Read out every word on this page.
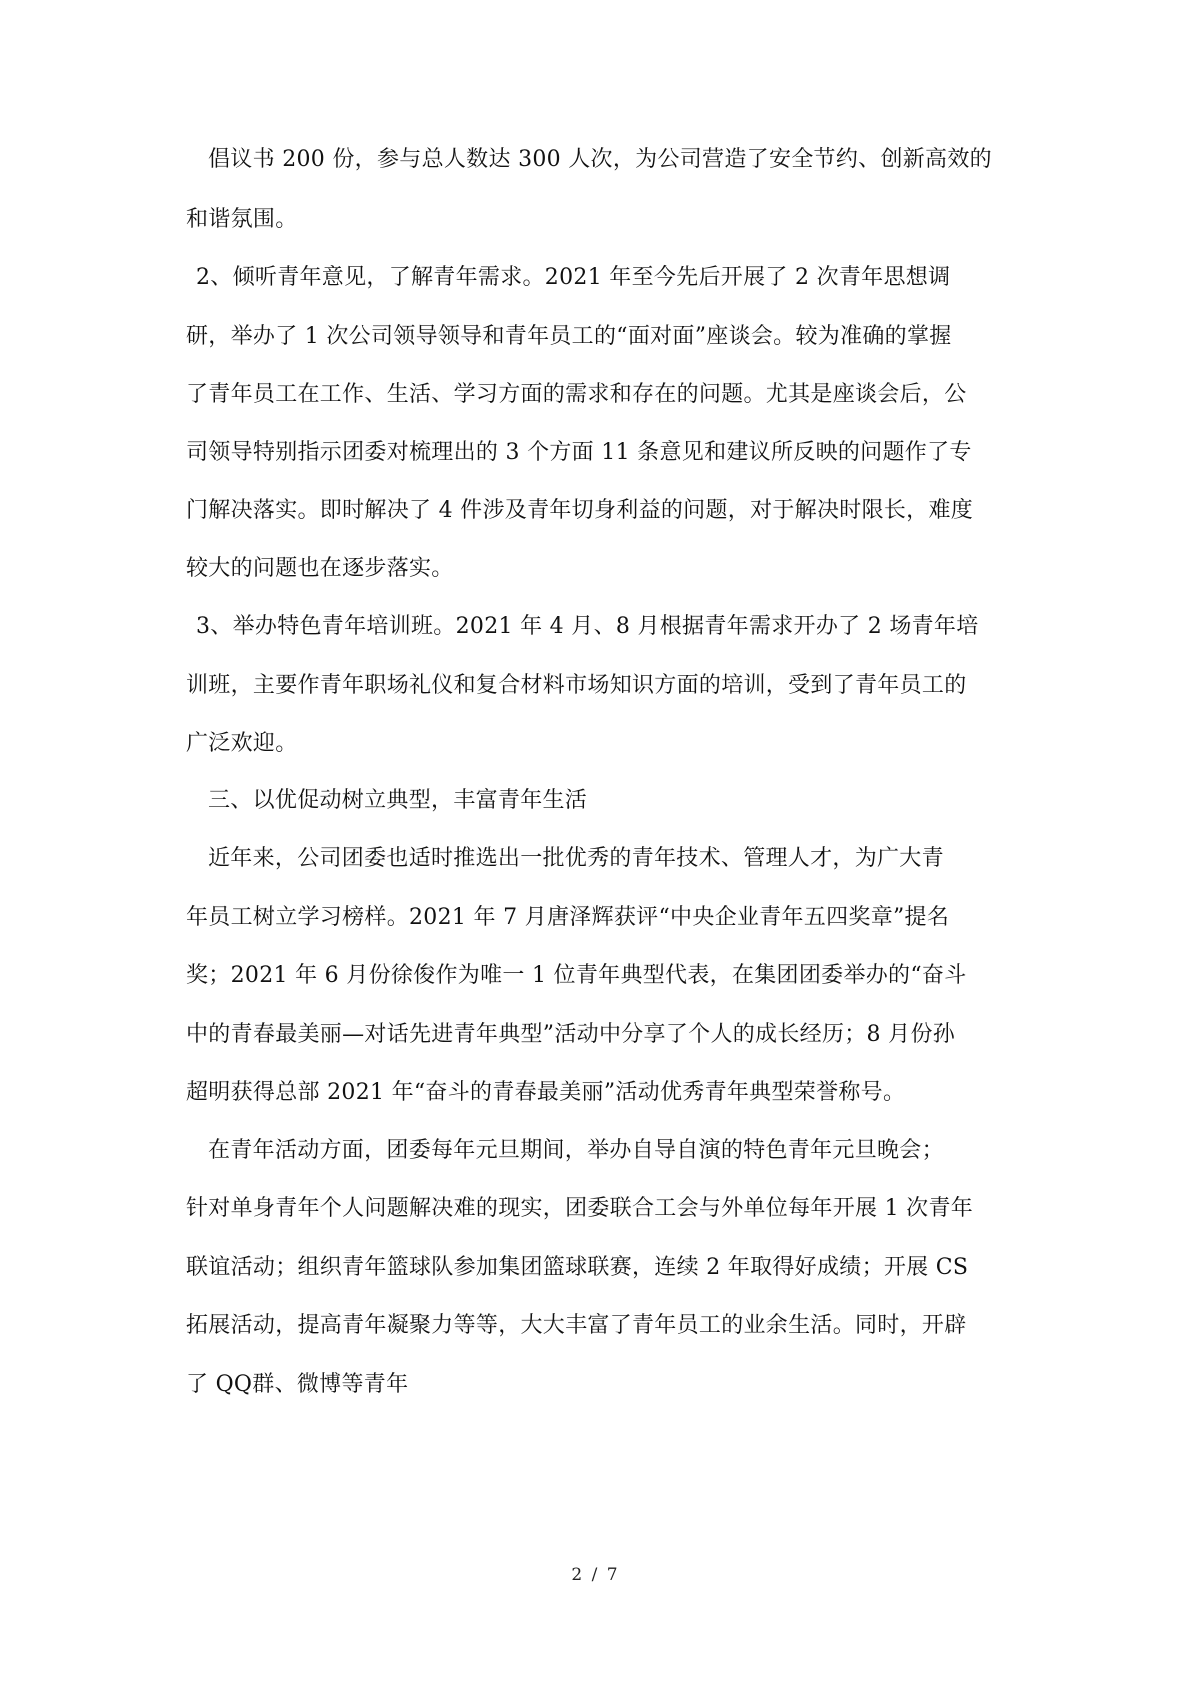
倡议书 200 份，参与总人数达 300 人次，为公司营造了安全节约、创新高效的
和谐氛围。
2、倾听青年意见，了解青年需求。2021 年至今先后开展了 2 次青年思想调
研，举办了 1 次公司领导领导和青年员工的“面对面”座谈会。较为准确的掌握
了青年员工在工作、生活、学习方面的需求和存在的问题。尤其是座谈会后，公
司领导特别指示团委对梳理出的 3 个方面 11 条意见和建议所反映的问题作了专
门解决落实。即时解决了 4 件涉及青年切身利益的问题，对于解决时限长，难度
较大的问题也在逐步落实。
3、举办特色青年培训班。2021 年 4 月、8 月根据青年需求开办了 2 场青年培
训班，主要作青年职场礼仪和复合材料市场知识方面的培训，受到了青年员工的
广泛欢迎。
三、以优促动树立典型，丰富青年生活
近年来，公司团委也适时推选出一批优秀的青年技术、管理人才，为广大青
年员工树立学习榜样。2021 年 7 月唐泽辉获评“中央企业青年五四奖章”提名
奖；2021 年 6 月份徐俊作为唯一 1 位青年典型代表，在集团团委举办的“奋斗
中的青春最美丽—对话先进青年典型”活动中分享了个人的成长经历；8 月份孙
超明获得总部 2021 年“奋斗的青春最美丽”活动优秀青年典型荣誉称号。
在青年活动方面，团委每年元旦期间，举办自导自演的特色青年元旦晚会；
针对单身青年个人问题解决难的现实，团委联合工会与外单位每年开展 1 次青年
联谊活动；组织青年篮球队参加集团篮球联赛，连续 2 年取得好成绩；开展 CS
拓展活动，提高青年凝聚力等等，大大丰富了青年员工的业余生活。同时，开辟
了 QQ群、微博等青年
2 / 7
